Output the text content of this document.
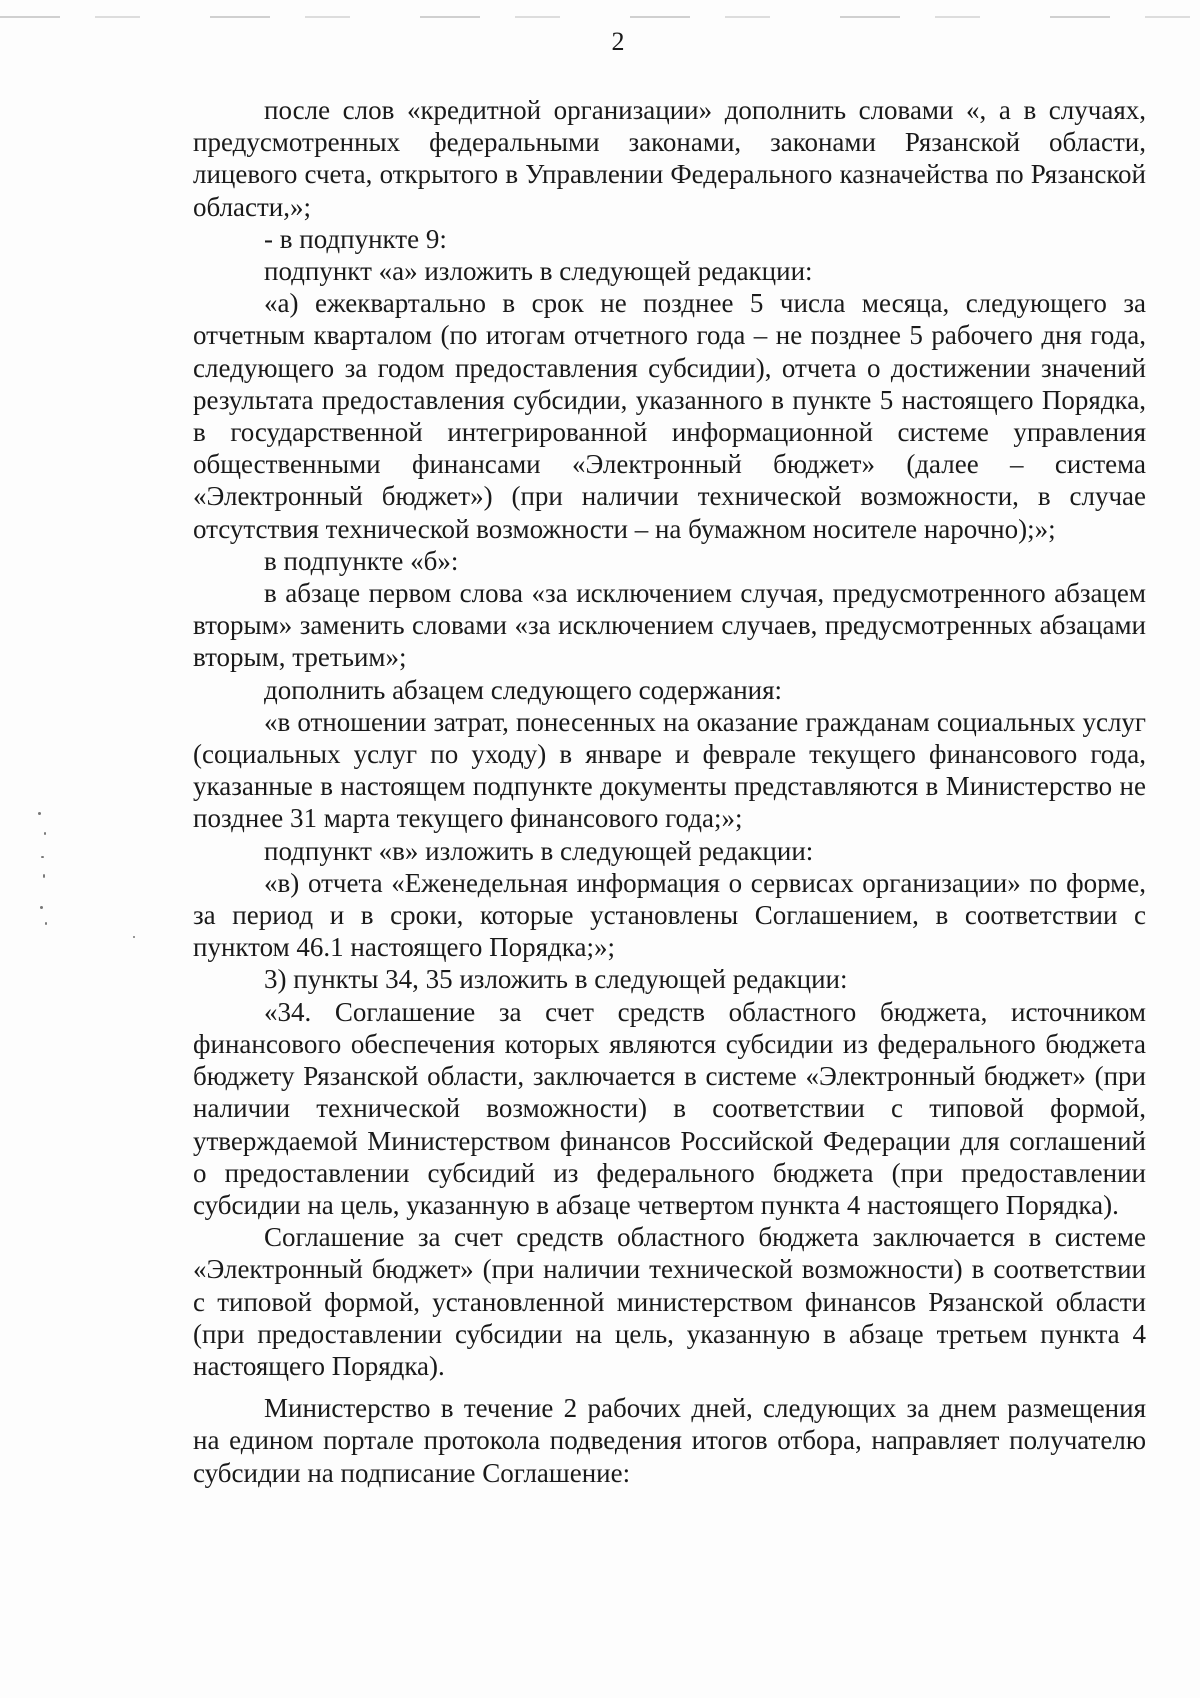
2

после слов «кредитной организации» дополнить словами «, а в случаях, предусмотренных федеральными законами, законами Рязанской области, лицевого счета, открытого в Управлении Федерального казначейства по Рязанской области,»;

- в подпункте 9:

подпункт «а» изложить в следующей редакции:

«а) ежеквартально в срок не позднее 5 числа месяца, следующего за отчетным кварталом (по итогам отчетного года – не позднее 5 рабочего дня года, следующего за годом предоставления субсидии), отчета о достижении значений результата предоставления субсидии, указанного в пункте 5 настоящего Порядка, в государственной интегрированной информационной системе управления общественными финансами «Электронный бюджет» (далее – система «Электронный бюджет») (при наличии технической возможности, в случае отсутствия технической возможности – на бумажном носителе нарочно);»;

в подпункте «б»:

в абзаце первом слова «за исключением случая, предусмотренного абзацем вторым» заменить словами «за исключением случаев, предусмотренных абзацами вторым, третьим»;

дополнить абзацем следующего содержания:

«в отношении затрат, понесенных на оказание гражданам социальных услуг (социальных услуг по уходу) в январе и феврале текущего финансового года, указанные в настоящем подпункте документы представляются в Министерство не позднее 31 марта текущего финансового года;»;

подпункт «в» изложить в следующей редакции:

«в) отчета «Еженедельная информация о сервисах организации» по форме, за период и в сроки, которые установлены Соглашением, в соответствии с пунктом 46.1 настоящего Порядка;»;

3) пункты 34, 35 изложить в следующей редакции:

«34. Соглашение за счет средств областного бюджета, источником финансового обеспечения которых являются субсидии из федерального бюджета бюджету Рязанской области, заключается в системе «Электронный бюджет» (при наличии технической возможности) в соответствии с типовой формой, утверждаемой Министерством финансов Российской Федерации для соглашений о предоставлении субсидий из федерального бюджета (при предоставлении субсидии на цель, указанную в абзаце четвертом пункта 4 настоящего Порядка).

Соглашение за счет средств областного бюджета заключается в системе «Электронный бюджет» (при наличии технической возможности) в соответствии с типовой формой, установленной министерством финансов Рязанской области (при предоставлении субсидии на цель, указанную в абзаце третьем пункта 4 настоящего Порядка).

Министерство в течение 2 рабочих дней, следующих за днем размещения на едином портале протокола подведения итогов отбора, направляет получателю субсидии на подписание Соглашение:
